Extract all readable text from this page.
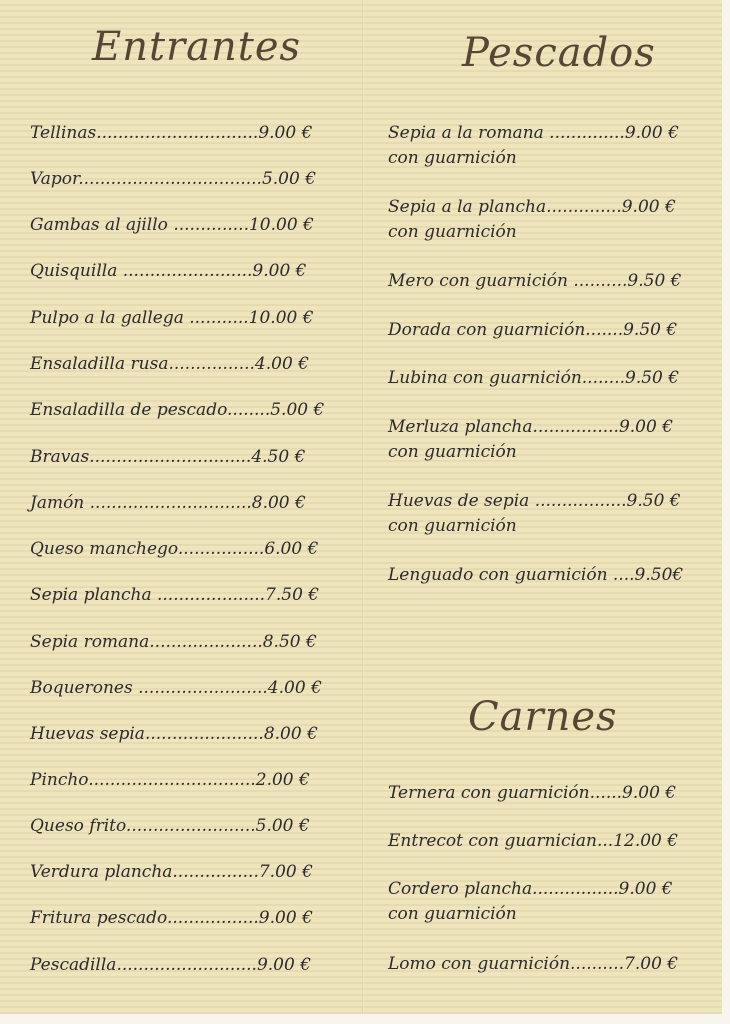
Entrantes
Tellinas..............................9.00 €
Vapor..................................5.00 €
Gambas al ajillo ..............10.00 €
Quisquilla ........................9.00 €
Pulpo a la gallega ...........10.00 €
Ensaladilla rusa................4.00 €
Ensaladilla de pescado........5.00 €
Bravas..............................4.50 €
Jamón ..............................8.00 €
Queso manchego................6.00 €
Sepia plancha ....................7.50 €
Sepia romana.....................8.50 €
Boquerones ........................4.00 €
Huevas sepia......................8.00 €
Pincho...............................2.00 €
Queso frito........................5.00 €
Verdura plancha................7.00 €
Fritura pescado.................9.00 €
Pescadilla..........................9.00 €
Pescados
Sepia a la romana ..............9.00 €
con guarnición
Sepia a la plancha..............9.00 €
con guarnición
Mero con guarnición ..........9.50 €
Dorada con guarnición.......9.50 €
Lubina con guarnición........9.50 €
Merluza plancha................9.00 €
con guarnición
Huevas de sepia .................9.50 €
con guarnición
Lenguado con guarnición ....9.50€
Carnes
Ternera con guarnición......9.00 €
Entrecot con guarnician...12.00 €
Cordero plancha................9.00 €
con guarnición
Lomo con guarnición..........7.00 €
